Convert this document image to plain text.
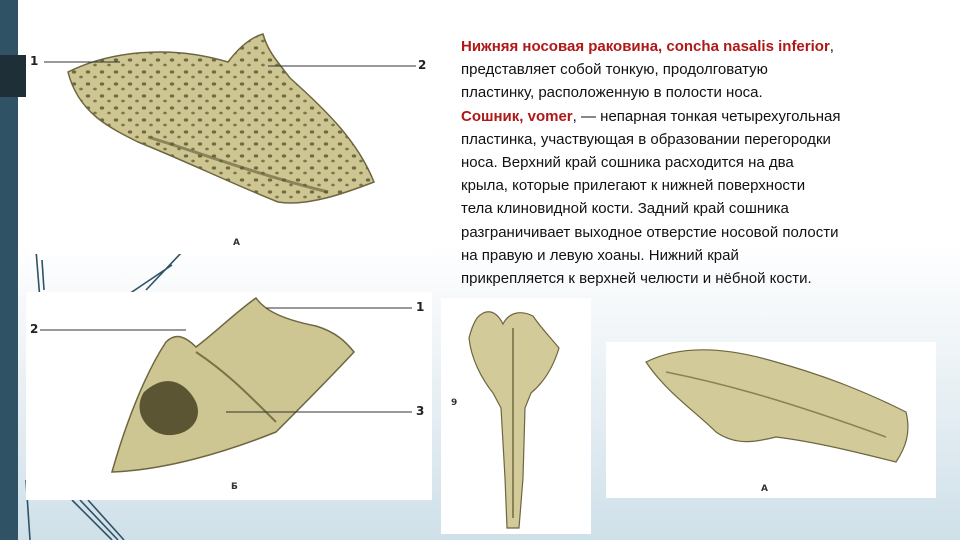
1	2
А
2
1
3
Б
9
А
Нижняя носовая раковина, concha nasalis inferior,
представляет собой тонкую, продолговатую
пластинку, расположенную в полости носа.
Сошник, vomer, — непарная тонкая четырехугольная
пластинка, участвующая в образовании перегородки
носа. Верхний край сошника расходится на два
крыла, которые прилегают к нижней поверхности
тела клиновидной кости. Задний край сошника
разграничивает выходное отверстие носовой полости
на правую и левую хоаны. Нижний край
прикрепляется к верхней челюсти и нёбной кости.
